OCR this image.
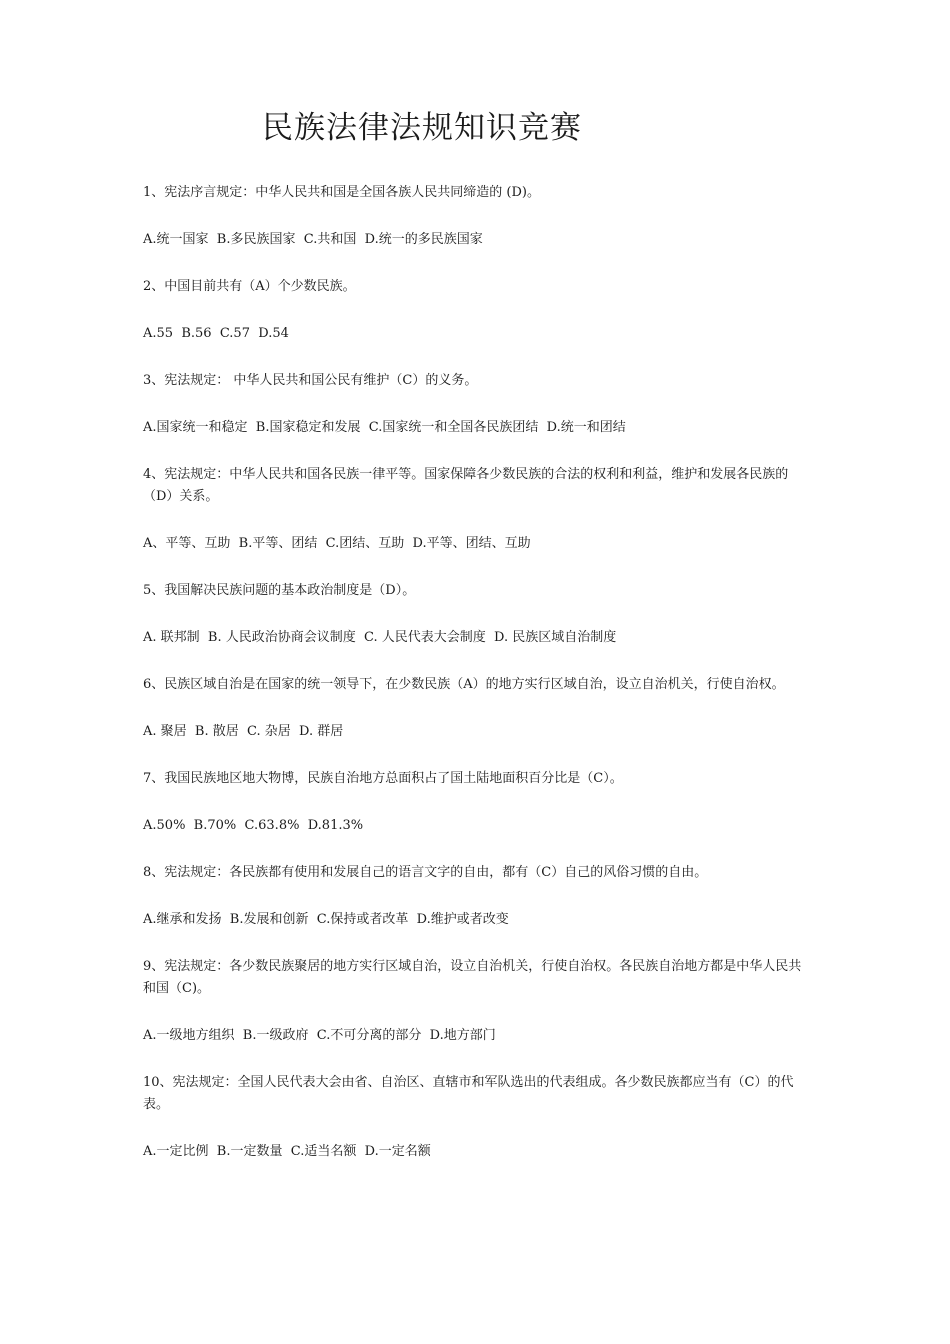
民族法律法规知识竞赛

1、宪法序言规定：中华人民共和国是全国各族人民共同缔造的 (D)。

A.统一国家  B.多民族国家  C.共和国  D.统一的多民族国家

2、中国目前共有（A）个少数民族。

A.55  B.56  C.57  D.54

3、宪法规定： 中华人民共和国公民有维护（C）的义务。

A.国家统一和稳定  B.国家稳定和发展  C.国家统一和全国各民族团结  D.统一和团结

4、宪法规定：中华人民共和国各民族一律平等。国家保障各少数民族的合法的权利和利益，维护和发展各民族的（D）关系。

A、平等、互助  B.平等、团结  C.团结、互助  D.平等、团结、互助

5、我国解决民族问题的基本政治制度是（D）。

A. 联邦制  B. 人民政治协商会议制度  C. 人民代表大会制度  D. 民族区域自治制度

6、民族区域自治是在国家的统一领导下，在少数民族（A）的地方实行区域自治，设立自治机关，行使自治权。

A. 聚居  B. 散居  C. 杂居  D. 群居

7、我国民族地区地大物博，民族自治地方总面积占了国土陆地面积百分比是（C）。

A.50%  B.70%  C.63.8%  D.81.3%

8、宪法规定：各民族都有使用和发展自己的语言文字的自由，都有（C）自己的风俗习惯的自由。

A.继承和发扬  B.发展和创新  C.保持或者改革  D.维护或者改变

9、宪法规定：各少数民族聚居的地方实行区域自治，设立自治机关，行使自治权。各民族自治地方都是中华人民共和国（C)。

A.一级地方组织  B.一级政府  C.不可分离的部分  D.地方部门

10、宪法规定：全国人民代表大会由省、自治区、直辖市和军队选出的代表组成。各少数民族都应当有（C）的代表。

A.一定比例  B.一定数量  C.适当名额  D.一定名额
